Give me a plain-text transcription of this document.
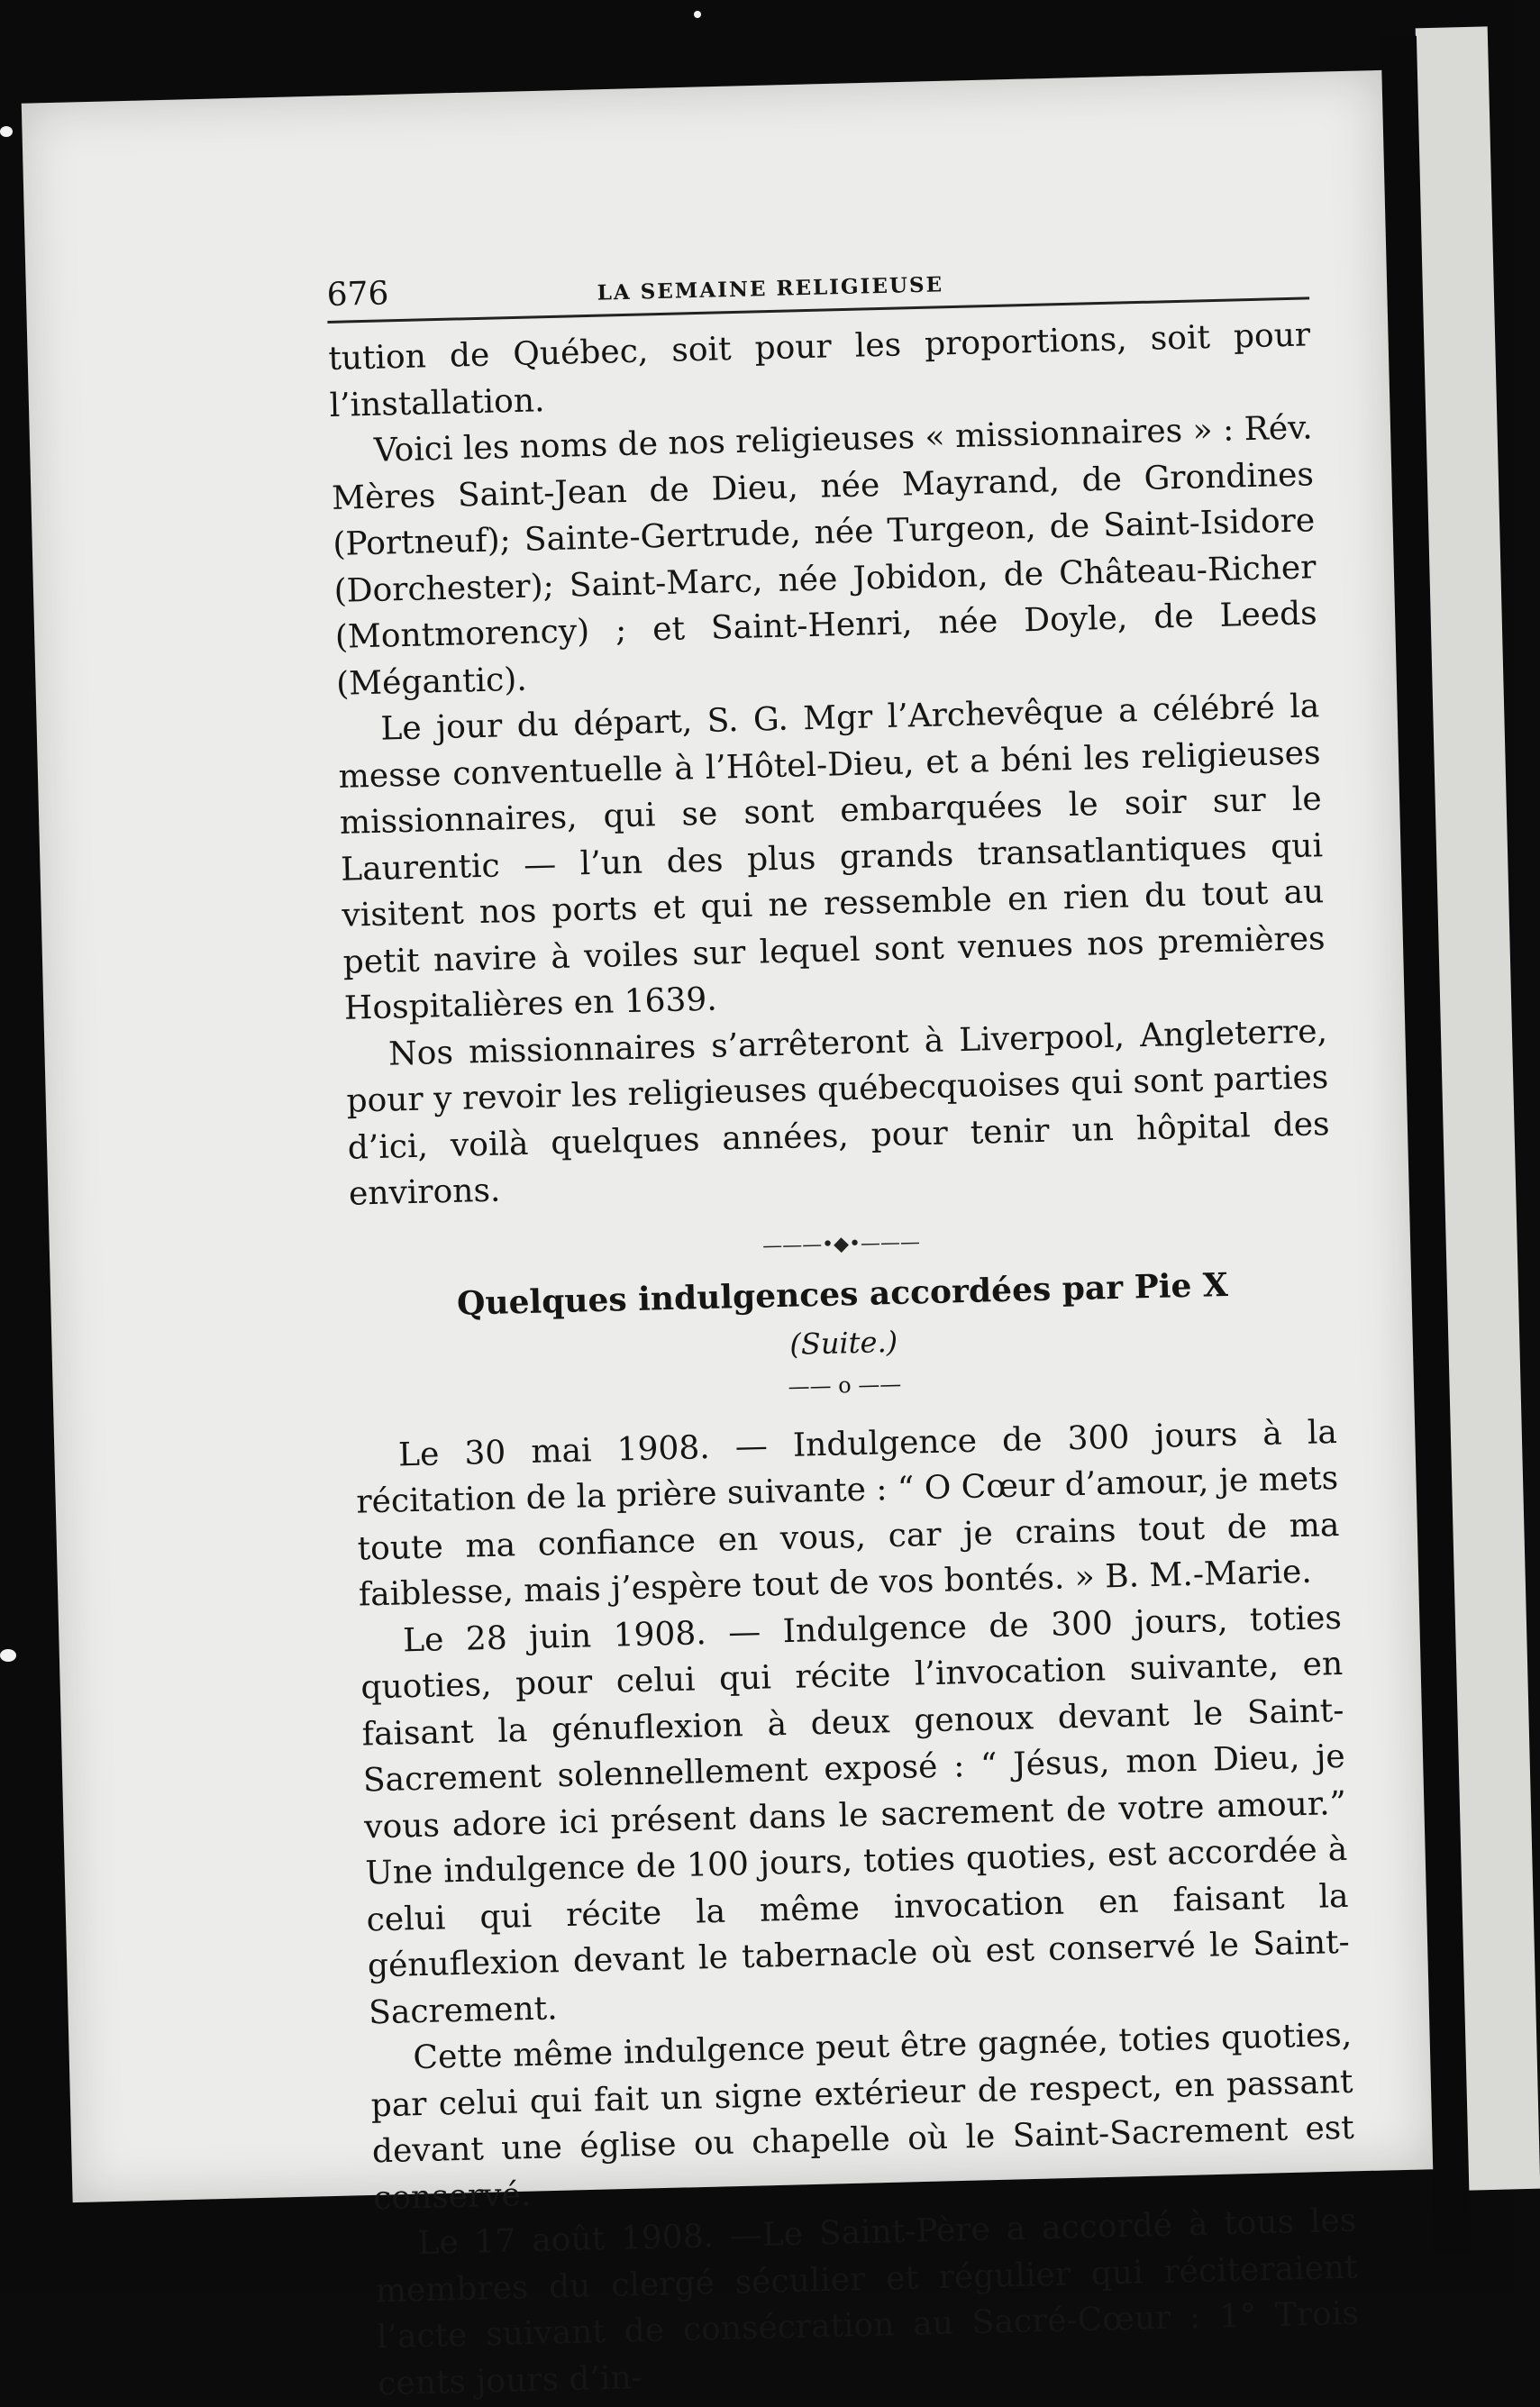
676	LA SEMAINE RELIGIEUSE

tution de Québec, soit pour les proportions, soit pour l’installation.

Voici les noms de nos religieuses « missionnaires » : Rév. Mères Saint-Jean de Dieu, née Mayrand, de Grondines (Portneuf); Sainte-Gertrude, née Turgeon, de Saint-Isidore (Dorchester); Saint-Marc, née Jobidon, de Château-Richer (Montmorency) ; et Saint-Henri, née Doyle, de Leeds (Mégantic).

Le jour du départ, S. G. Mgr l’Archevêque a célébré la messe conventuelle à l’Hôtel-Dieu, et a béni les religieuses missionnaires, qui se sont embarquées le soir sur le Laurentic — l’un des plus grands transatlantiques qui visitent nos ports et qui ne ressemble en rien du tout au petit navire à voiles sur lequel sont venues nos premières Hospitalières en 1639.

Nos missionnaires s’arrêteront à Liverpool, Angleterre, pour y revoir les religieuses québecquoises qui sont parties d’ici, voilà quelques années, pour tenir un hôpital des environs.

———•◆•———
Quelques indulgences accordées par Pie X
(Suite.)
—— o ——

Le 30 mai 1908. — Indulgence de 300 jours à la récitation de la prière suivante : “ O Cœur d’amour, je mets toute ma confiance en vous, car je crains tout de ma faiblesse, mais j’espère tout de vos bontés. » B. M.-Marie.

Le 28 juin 1908. — Indulgence de 300 jours, toties quoties, pour celui qui récite l’invocation suivante, en faisant la génuflexion à deux genoux devant le Saint-Sacrement solennellement exposé : “ Jésus, mon Dieu, je vous adore ici présent dans le sacrement de votre amour.” Une indulgence de 100 jours, toties quoties, est accordée à celui qui récite la même invocation en faisant la génuflexion devant le tabernacle où est conservé le Saint-Sacrement.

Cette même indulgence peut être gagnée, toties quoties, par celui qui fait un signe extérieur de respect, en passant devant une église ou chapelle où le Saint-Sacrement est conservé.

Le 17 août 1908. —Le Saint-Père a accordé à tous les membres du clergé séculier et régulier qui réciteraient l’acte suivant de consécration au Sacré-Cœur : 1° Trois cents jours d’in-
